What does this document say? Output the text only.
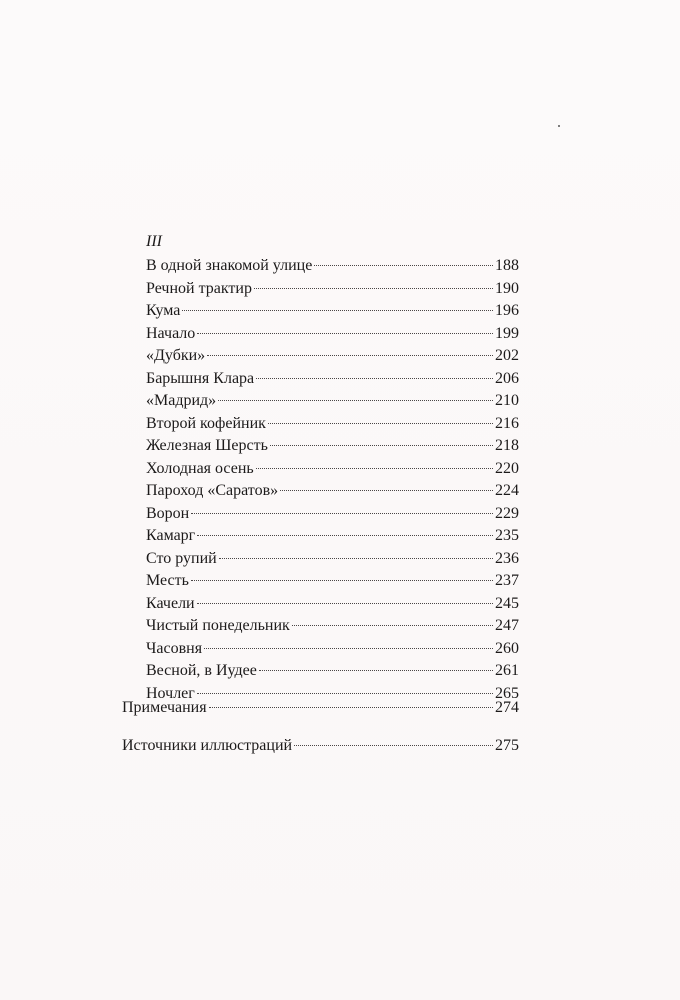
III
В одной знакомой улице	188
Речной трактир	190
Кума	196
Начало	199
«Дубки»	202
Барышня Клара	206
«Мадрид»	210
Второй кофейник	216
Железная Шерсть	218
Холодная осень	220
Пароход «Саратов»	224
Ворон	229
Камарг	235
Сто рупий	236
Месть	237
Качели	245
Чистый понедельник	247
Часовня	260
Весной, в Иудее	261
Ночлег	265
Примечания	274
Источники иллюстраций	275
